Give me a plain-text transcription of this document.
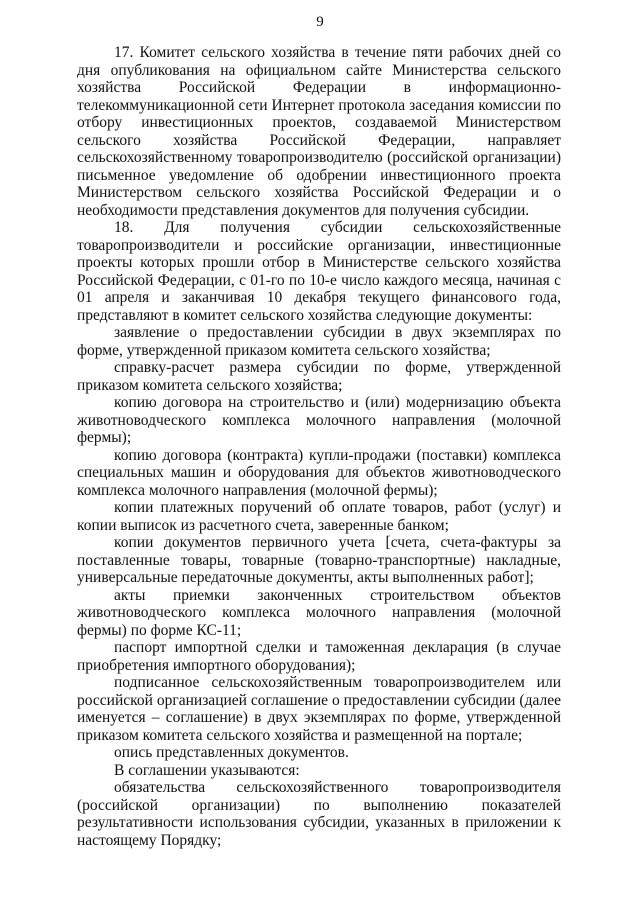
9

17. Комитет сельского хозяйства в течение пяти рабочих дней со дня опубликования на официальном сайте Министерства сельского хозяйства Российской Федерации в информационно-телекоммуникационной сети Интернет протокола заседания комиссии по отбору инвестиционных проектов, создаваемой Министерством сельского хозяйства Российской Федерации, направляет сельскохозяйственному товаропроизводителю (российской организации) письменное уведомление об одобрении инвестиционного проекта Министерством сельского хозяйства Российской Федерации и о необходимости представления документов для получения субсидии.

18. Для получения субсидии сельскохозяйственные товаропроизводители и российские организации, инвестиционные проекты которых прошли отбор в Министерстве сельского хозяйства Российской Федерации, с 01-го по 10-е число каждого месяца, начиная с 01 апреля и заканчивая 10 декабря текущего финансового года, представляют в комитет сельского хозяйства следующие документы:

заявление о предоставлении субсидии в двух экземплярах по форме, утвержденной приказом комитета сельского хозяйства;

справку-расчет размера субсидии по форме, утвержденной приказом комитета сельского хозяйства;

копию договора на строительство и (или) модернизацию объекта животноводческого комплекса молочного направления (молочной фермы);

копию договора (контракта) купли-продажи (поставки) комплекса специальных машин и оборудования для объектов животноводческого комплекса молочного направления (молочной фермы);

копии платежных поручений об оплате товаров, работ (услуг) и копии выписок из расчетного счета, заверенные банком;

копии документов первичного учета [счета, счета-фактуры за поставленные товары, товарные (товарно-транспортные) накладные, универсальные передаточные документы, акты выполненных работ];

акты приемки законченных строительством объектов животноводческого комплекса молочного направления (молочной фермы) по форме КС-11;

паспорт импортной сделки и таможенная декларация (в случае приобретения импортного оборудования);

подписанное сельскохозяйственным товаропроизводителем или российской организацией соглашение о предоставлении субсидии (далее именуется – соглашение) в двух экземплярах по форме, утвержденной приказом комитета сельского хозяйства и размещенной на портале;

опись представленных документов.

В соглашении указываются:

обязательства сельскохозяйственного товаропроизводителя (российской организации) по выполнению показателей результативности использования субсидии, указанных в приложении к настоящему Порядку;
